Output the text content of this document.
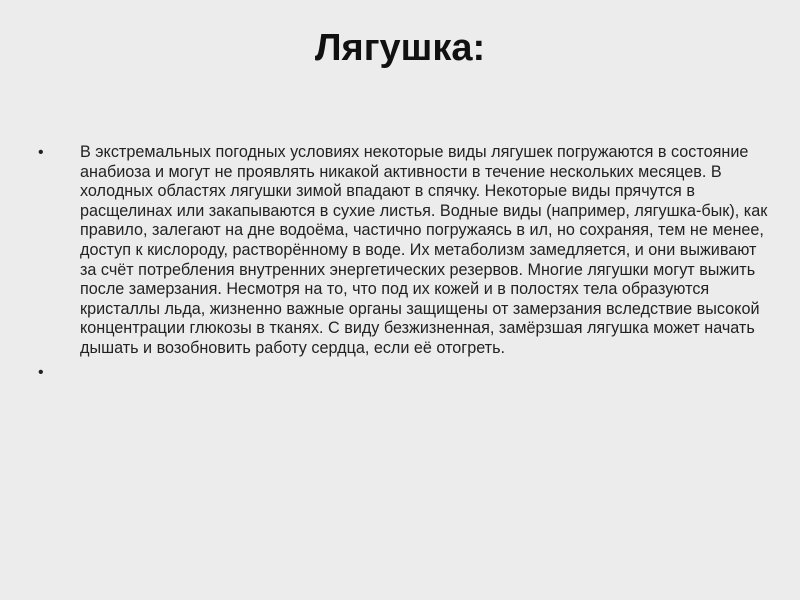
Лягушка:
•	В экстремальных погодных условиях некоторые виды лягушек погружаются в состояние анабиоза и могут не проявлять никакой активности в течение нескольких месяцев. В холодных областях лягушки зимой впадают в спячку. Некоторые виды прячутся в расщелинах или закапываются в сухие листья. Водные виды (например, лягушка-бык), как правило, залегают на дне водоёма, частично погружаясь в ил, но сохраняя, тем не менее, доступ к кислороду, растворённому в воде. Их метаболизм замедляется, и они выживают за счёт потребления внутренних энергетических резервов. Многие лягушки могут выжить после замерзания. Несмотря на то, что под их кожей и в полостях тела образуются кристаллы льда, жизненно важные органы защищены от замерзания вследствие высокой концентрации глюкозы в тканях. С виду безжизненная, замёрзшая лягушка может начать дышать и возобновить работу сердца, если её отогреть.
•
